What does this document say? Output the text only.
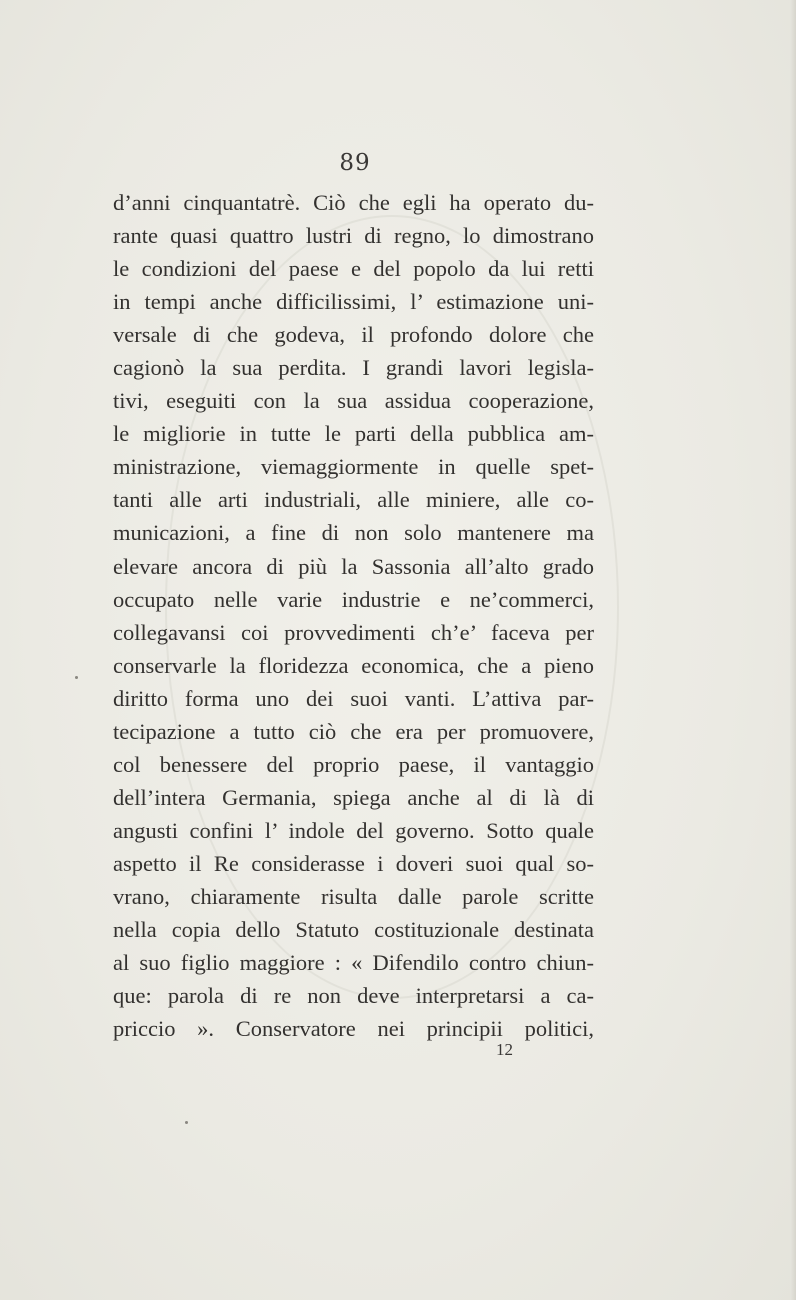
89
d’anni cinquantatrè. Ciò che egli ha operato du-
rante quasi quattro lustri di regno, lo dimostrano
le condizioni del paese e del popolo da lui retti
in tempi anche difficilissimi, l’ estimazione uni-
versale di che godeva, il profondo dolore che
cagionò la sua perdita. I grandi lavori legisla-
tivi, eseguiti con la sua assidua cooperazione,
le migliorie in tutte le parti della pubblica am-
ministrazione, viemaggiormente in quelle spet-
tanti alle arti industriali, alle miniere, alle co-
municazioni, a fine di non solo mantenere ma
elevare ancora di più la Sassonia all’alto grado
occupato nelle varie industrie e ne’commerci,
collegavansi coi provvedimenti ch’e’ faceva per
conservarle la floridezza economica, che a pieno
diritto forma uno dei suoi vanti. L’attiva par-
tecipazione a tutto ciò che era per promuovere,
col benessere del proprio paese, il vantaggio
dell’intera Germania, spiega anche al di là di
angusti confini l’ indole del governo. Sotto quale
aspetto il Re considerasse i doveri suoi qual so-
vrano, chiaramente risulta dalle parole scritte
nella copia dello Statuto costituzionale destinata
al suo figlio maggiore : « Difendilo contro chiun-
que: parola di re non deve interpretarsi a ca-
priccio ». Conservatore nei principii politici,
12
